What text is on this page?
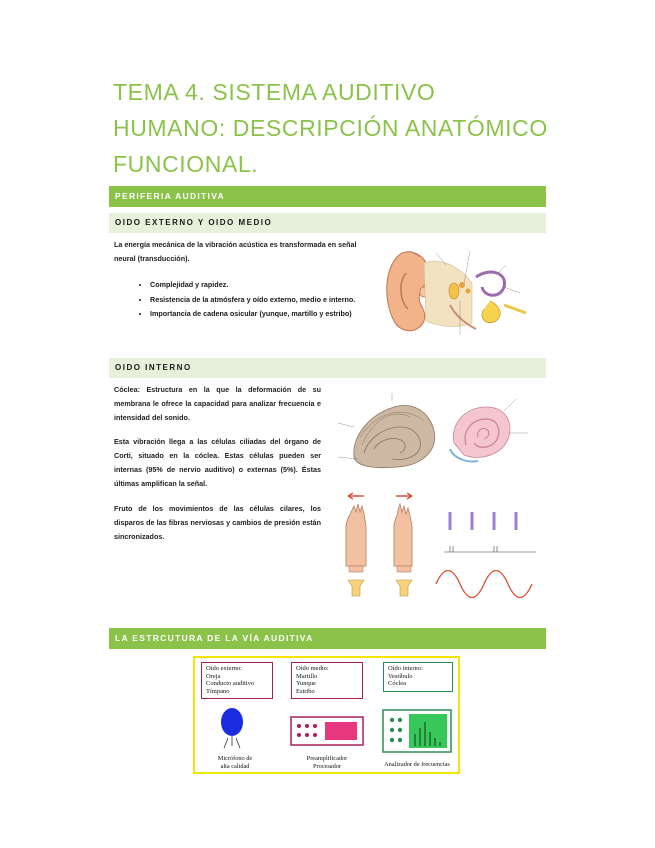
TEMA 4. SISTEMA AUDITIVO HUMANO: DESCRIPCIÓN ANATÓMICO FUNCIONAL.
PERIFERIA AUDITIVA
OIDO EXTERNO Y OIDO MEDIO
La energía mecánica de la vibración acústica es transformada en señal neural (transducción).
• Complejidad y rapidez.
• Resistencia de la atmósfera y oído externo, medio e interno.
• Importancia de cadena osicular (yunque, martillo y estribo)
OIDO INTERNO
Cóclea: Estructura en la que la deformación de su membrana le ofrece la capacidad para analizar frecuencia e intensidad del sonido.
Esta vibración llega a las células ciliadas del órgano de Corti, situado en la cóclea. Estas células pueden ser internas (95% de nervio auditivo) o externas (5%). Éstas últimas amplifican la señal.
Fruto de los movimientos de las células cilares, los disparos de las fibras nerviosas y cambios de presión están sincronizados.
LA ESTRCUTURA DE LA VÍA AUDITIVA
Oído externo:
Oreja
Conducto auditivo
Tímpano
Oído medio:
Martillo
Yunque
Estribo
Oído interno:
Vestíbulo
Cóclea
Micrófono de
alta calidad
Preamplificador
Procesador	Analizador de frecuencias
